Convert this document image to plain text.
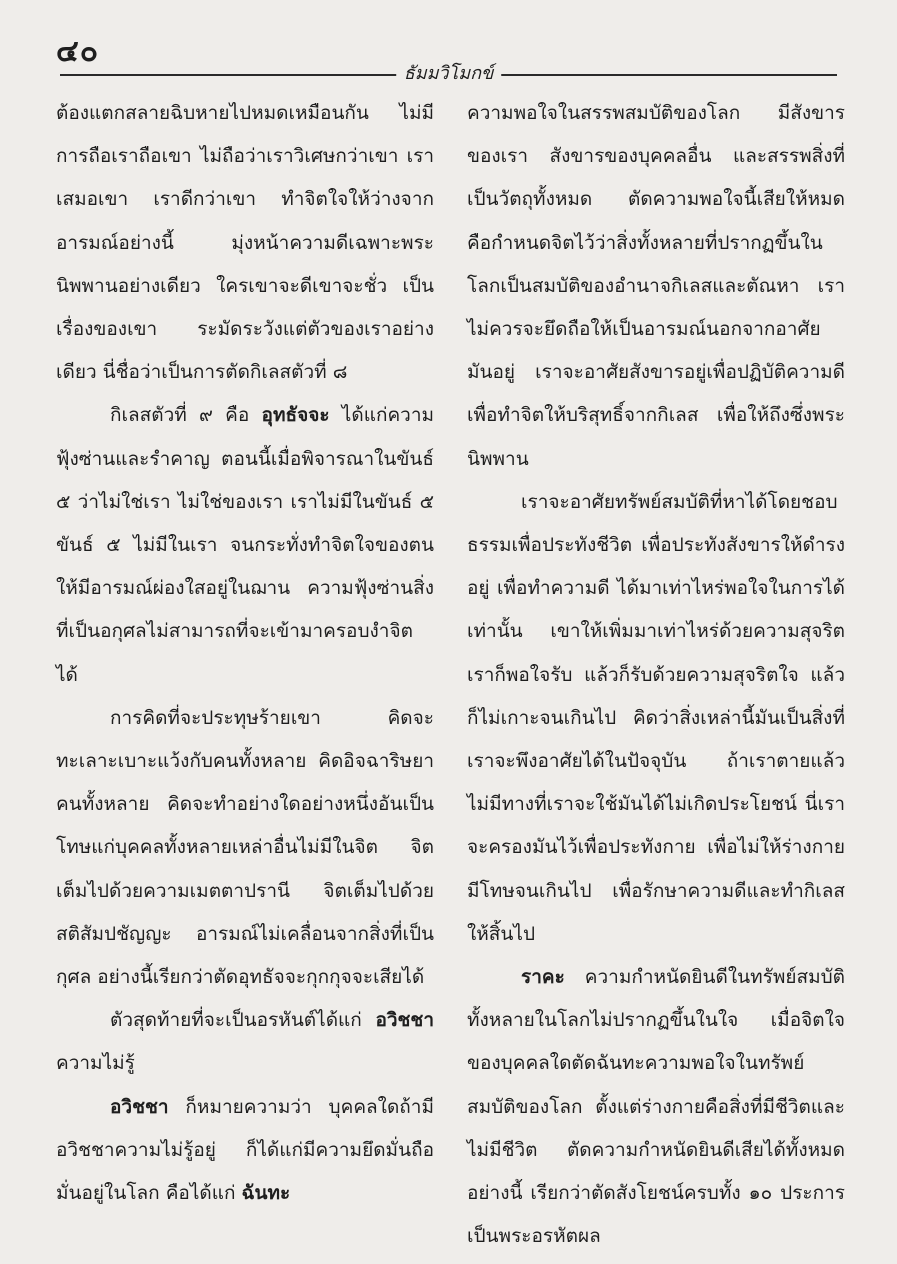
๔๐
ธัมมวิโมกข์

ต้องแตกสลายฉิบหายไปหมดเหมือนกัน ไม่มีการถือเราถือเขา ไม่ถือว่าเราวิเศษกว่าเขา เราเสมอเขา เราดีกว่าเขา ทำจิตใจให้ว่างจากอารมณ์อย่างนี้ มุ่งหน้าความดีเฉพาะพระนิพพานอย่างเดียว ใครเขาจะดีเขาจะชั่ว เป็นเรื่องของเขา ระมัดระวังแต่ตัวของเราอย่างเดียว นี่ชื่อว่าเป็นการตัดกิเลสตัวที่ ๘

กิเลสตัวที่ ๙ คือ อุทธัจจะ ได้แก่ความฟุ้งซ่านและรำคาญ ตอนนี้เมื่อพิจารณาในขันธ์ ๕ ว่าไม่ใช่เรา ไม่ใช่ของเรา เราไม่มีในขันธ์ ๕ ขันธ์ ๕ ไม่มีในเรา จนกระทั่งทำจิตใจของตนให้มีอารมณ์ผ่องใสอยู่ในฌาน ความฟุ้งซ่านสิ่งที่เป็นอกุศลไม่สามารถที่จะเข้ามาครอบงำจิตได้

การคิดที่จะประทุษร้ายเขา คิดจะทะเลาะเบาะแว้งกับคนทั้งหลาย คิดอิจฉาริษยาคนทั้งหลาย คิดจะทำอย่างใดอย่างหนึ่งอันเป็นโทษแก่บุคคลทั้งหลายเหล่าอื่นไม่มีในจิต จิตเต็มไปด้วยความเมตตาปรานี จิตเต็มไปด้วยสติสัมปชัญญะ อารมณ์ไม่เคลื่อนจากสิ่งที่เป็นกุศล อย่างนี้เรียกว่าตัดอุทธัจจะกุกกุจจะเสียได้

ตัวสุดท้ายที่จะเป็นอรหันต์ได้แก่ อวิชชา ความไม่รู้

อวิชชา ก็หมายความว่า บุคคลใดถ้ามีอวิชชาความไม่รู้อยู่ ก็ได้แก่มีความยึดมั่นถือมั่นอยู่ในโลก คือได้แก่ ฉันทะ

ความพอใจในสรรพสมบัติของโลก มีสังขารของเรา สังขารของบุคคลอื่น และสรรพสิ่งที่เป็นวัตถุทั้งหมด ตัดความพอใจนี้เสียให้หมด คือกำหนดจิตไว้ว่าสิ่งทั้งหลายที่ปรากฏขึ้นในโลกเป็นสมบัติของอำนาจกิเลสและตัณหา เราไม่ควรจะยึดถือให้เป็นอารมณ์นอกจากอาศัยมันอยู่ เราจะอาศัยสังขารอยู่เพื่อปฏิบัติความดี เพื่อทำจิตให้บริสุทธิ์จากกิเลส เพื่อให้ถึงซึ่งพระนิพพาน

เราจะอาศัยทรัพย์สมบัติที่หาได้โดยชอบธรรมเพื่อประทังชีวิต เพื่อประทังสังขารให้ดำรงอยู่ เพื่อทำความดี ได้มาเท่าไหร่พอใจในการได้เท่านั้น เขาให้เพิ่มมาเท่าไหร่ด้วยความสุจริตเราก็พอใจรับ แล้วก็รับด้วยความสุจริตใจ แล้วก็ไม่เกาะจนเกินไป คิดว่าสิ่งเหล่านี้มันเป็นสิ่งที่เราจะพึงอาศัยได้ในปัจจุบัน ถ้าเราตายแล้วไม่มีทางที่เราจะใช้มันได้ไม่เกิดประโยชน์ นี่เราจะครองมันไว้เพื่อประทังกาย เพื่อไม่ให้ร่างกายมีโทษจนเกินไป เพื่อรักษาความดีและทำกิเลสให้สิ้นไป

ราคะ ความกำหนัดยินดีในทรัพย์สมบัติทั้งหลายในโลกไม่ปรากฏขึ้นในใจ เมื่อจิตใจของบุคคลใดตัดฉันทะความพอใจในทรัพย์สมบัติของโลก ตั้งแต่ร่างกายคือสิ่งที่มีชีวิตและไม่มีชีวิต ตัดความกำหนัดยินดีเสียได้ทั้งหมดอย่างนี้ เรียกว่าตัดสังโยชน์ครบทั้ง ๑๐ ประการ เป็นพระอรหัตผล
